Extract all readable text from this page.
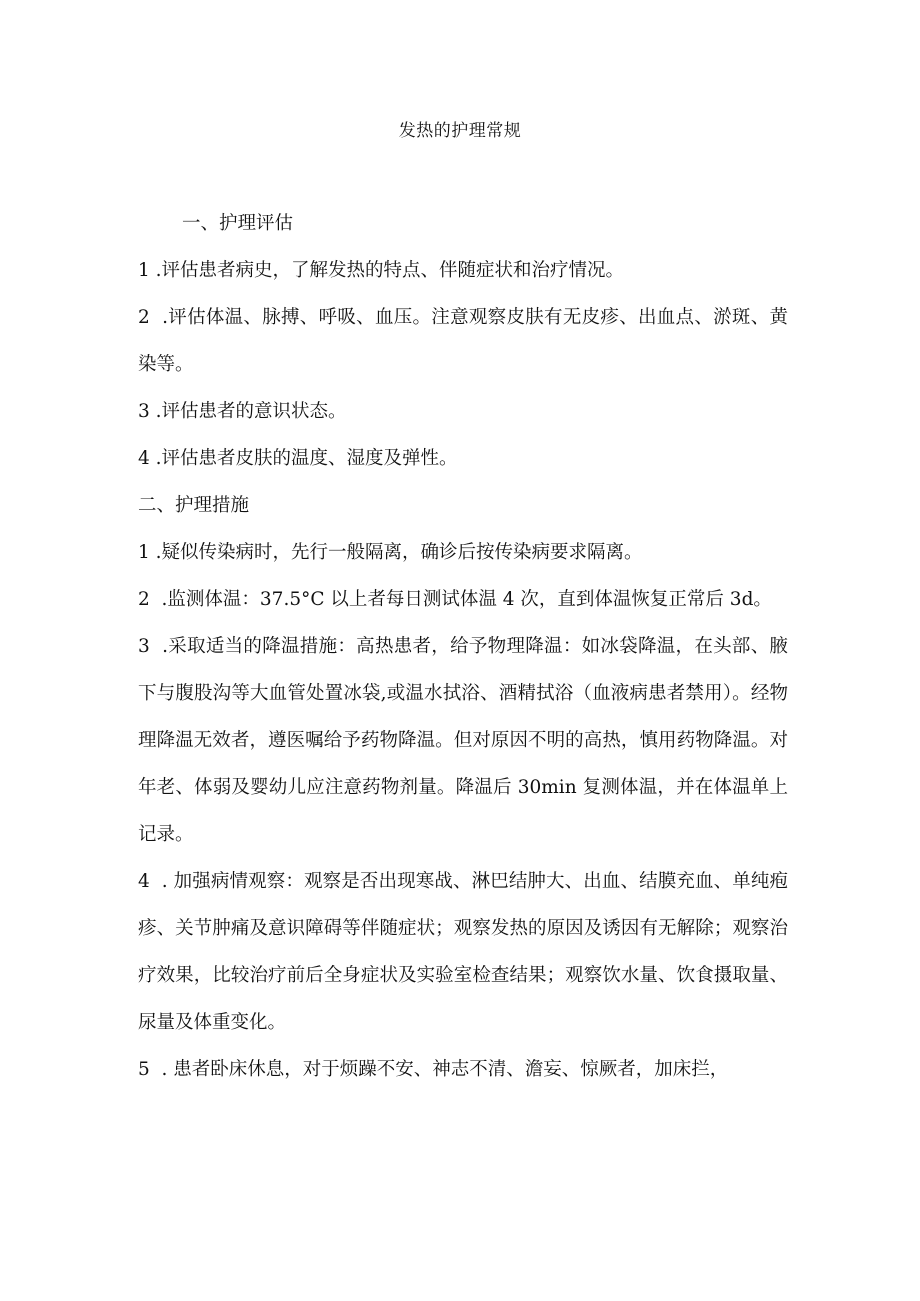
发热的护理常规
一、护理评估
1 .评估患者病史，了解发热的特点、伴随症状和治疗情况。
2  .评估体温、脉搏、呼吸、血压。注意观察皮肤有无皮疹、出血点、淤斑、黄染等。
3 .评估患者的意识状态。
4 .评估患者皮肤的温度、湿度及弹性。
二、护理措施
1 .疑似传染病时，先行一般隔离，确诊后按传染病要求隔离。
2  .监测体温：37.5°C 以上者每日测试体温 4 次，直到体温恢复正常后 3d。
3  .采取适当的降温措施：高热患者，给予物理降温：如冰袋降温，在头部、腋下与腹股沟等大血管处置冰袋,或温水拭浴、酒精拭浴（血液病患者禁用）。经物理降温无效者，遵医嘱给予药物降温。但对原因不明的高热，慎用药物降温。对年老、体弱及婴幼儿应注意药物剂量。降温后 30min 复测体温，并在体温单上记录。
4  . 加强病情观察：观察是否出现寒战、淋巴结肿大、出血、结膜充血、单纯疱疹、关节肿痛及意识障碍等伴随症状；观察发热的原因及诱因有无解除；观察治疗效果，比较治疗前后全身症状及实验室检查结果；观察饮水量、饮食摄取量、尿量及体重变化。
5  . 患者卧床休息，对于烦躁不安、神志不清、澹妄、惊厥者，加床拦，
